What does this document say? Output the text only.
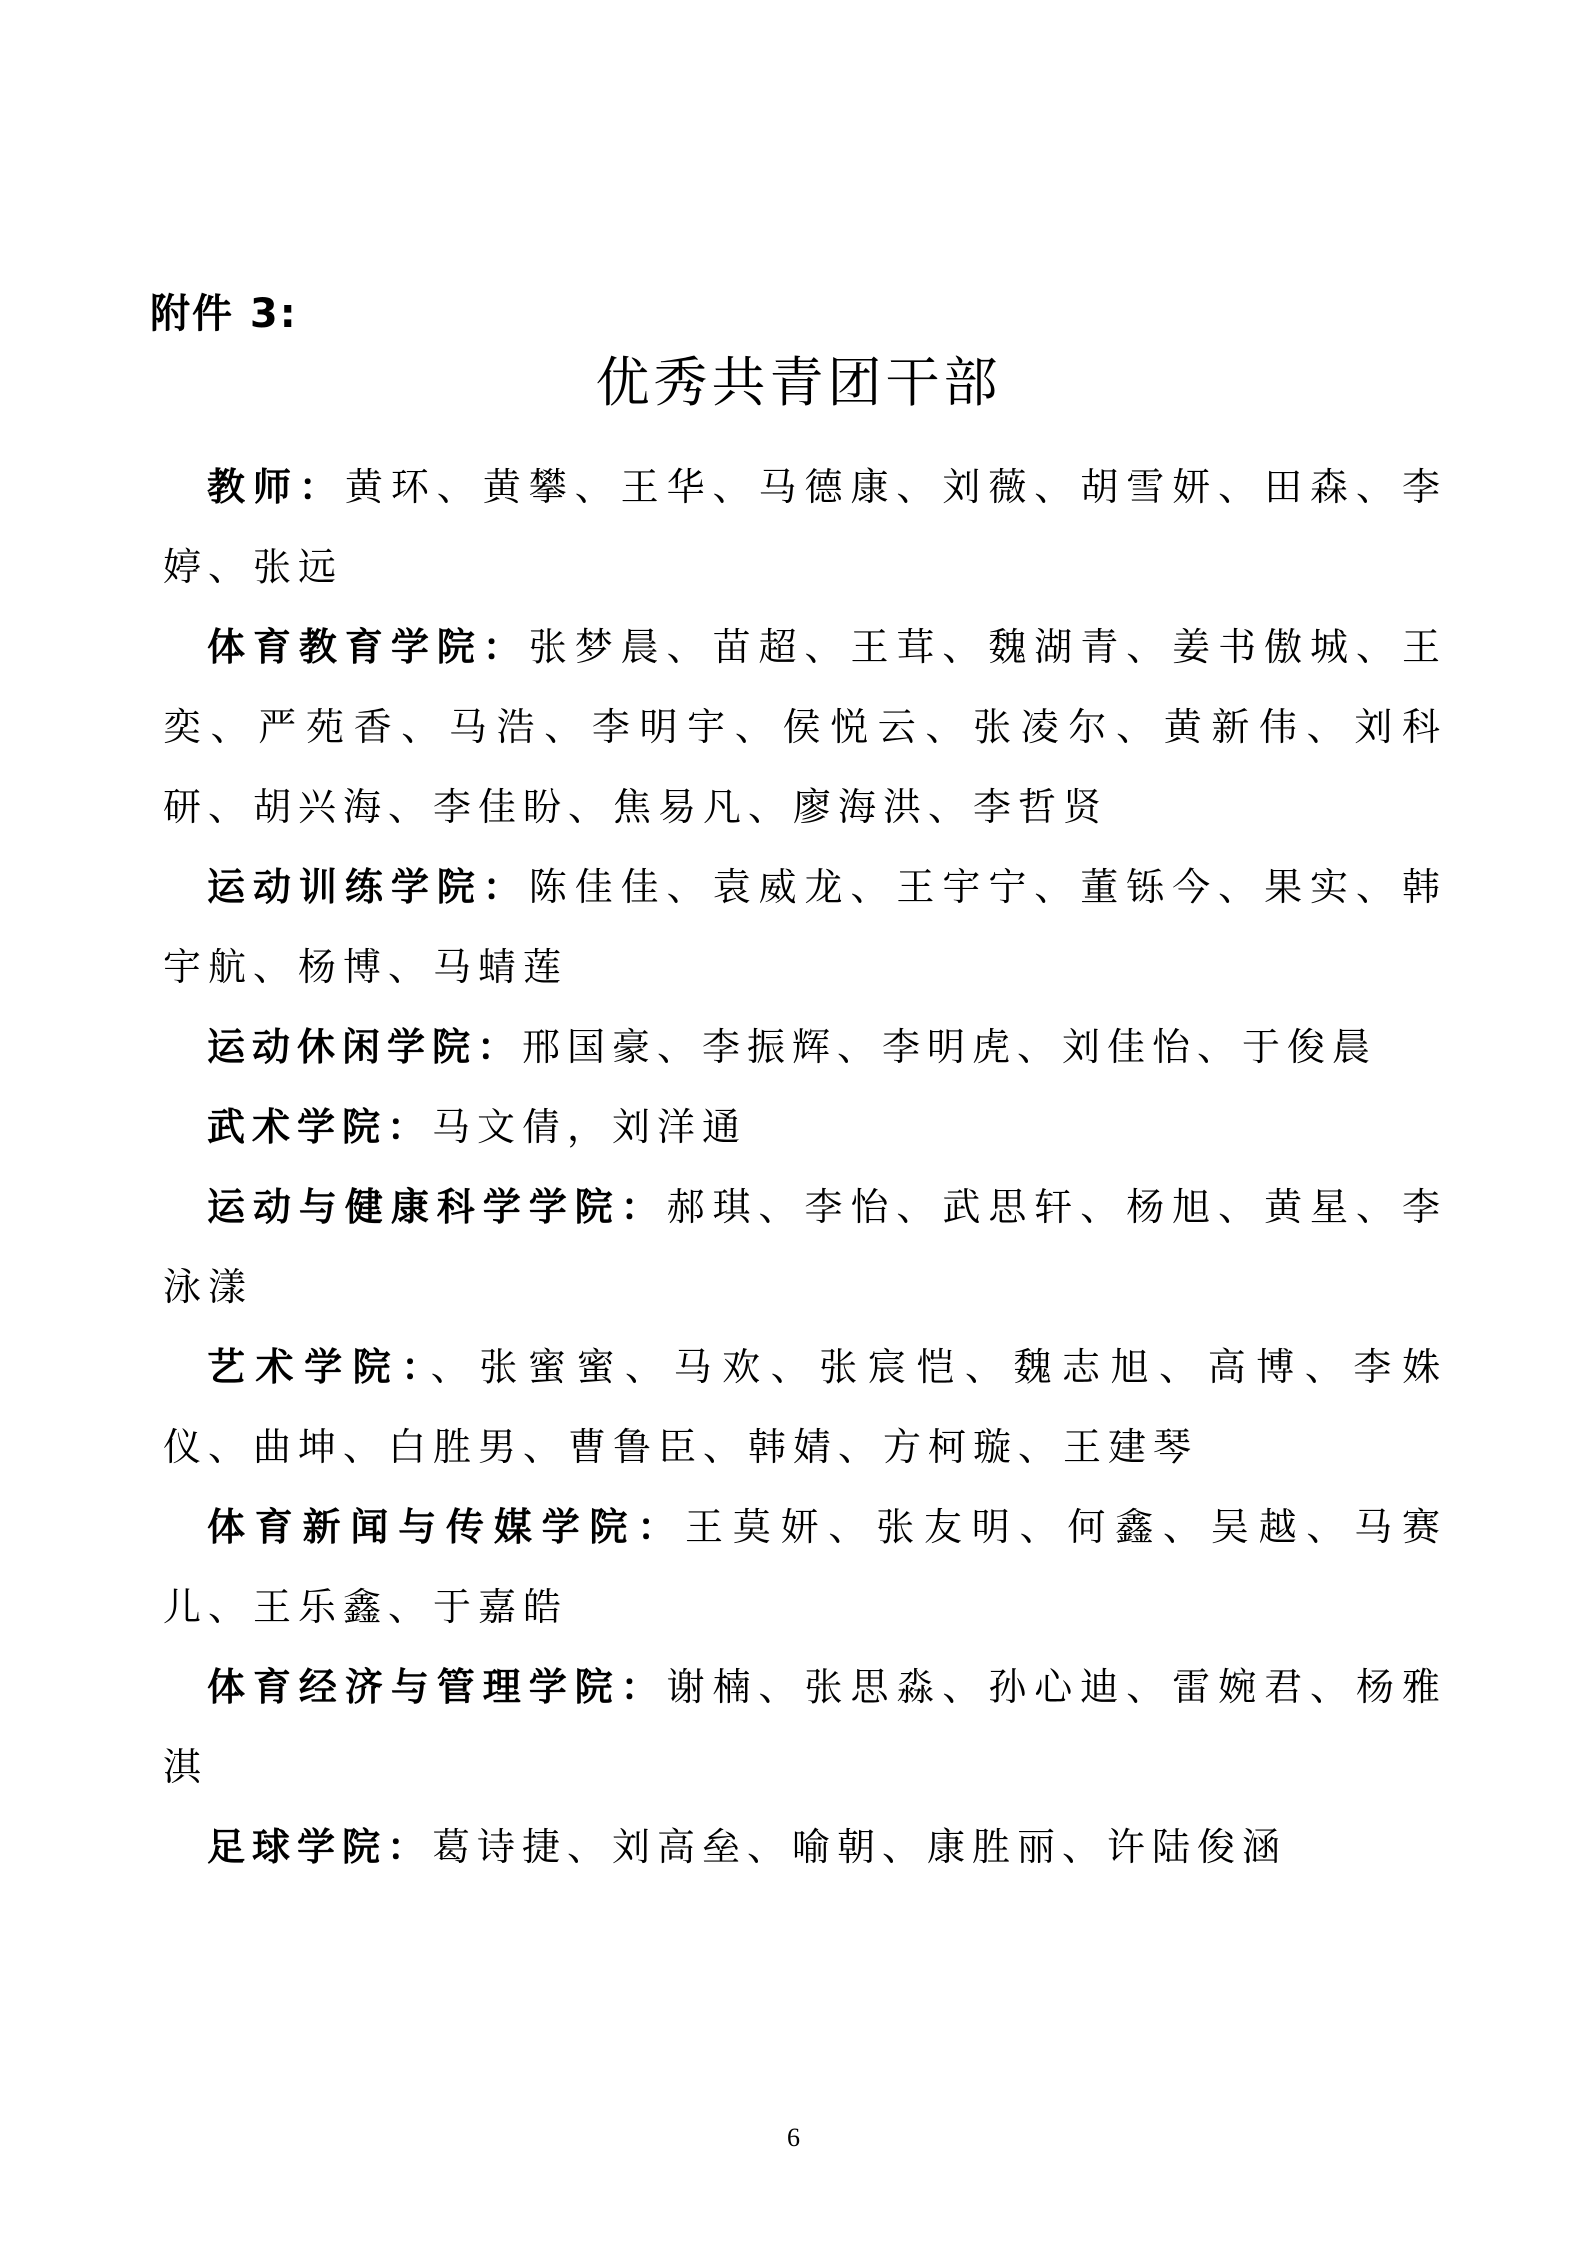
附件 3:
优秀共青团干部

教师：黄环、黄攀、王华、马德康、刘薇、胡雪妍、田森、李婷、张远

体育教育学院：张梦晨、苗超、王茸、魏湖青、姜书傲城、王奕、严苑香、马浩、李明宇、侯悦云、张凌尔、黄新伟、刘科研、胡兴海、李佳盼、焦易凡、廖海洪、李哲贤

运动训练学院：陈佳佳、袁威龙、王宇宁、董铄今、果实、韩宇航、杨博、马蜻莲

运动休闲学院：邢国豪、李振辉、李明虎、刘佳怡、于俊晨

武术学院：马文倩，刘洋通

运动与健康科学学院：郝琪、李怡、武思轩、杨旭、黄星、李泳漾

艺术学院：、张蜜蜜、马欢、张宸恺、魏志旭、高博、李姝仪、曲坤、白胜男、曹鲁臣、韩婧、方柯璇、王建琴

体育新闻与传媒学院：王莫妍、张友明、何鑫、吴越、马赛儿、王乐鑫、于嘉皓

体育经济与管理学院：谢楠、张思淼、孙心迪、雷婉君、杨雅淇

足球学院：葛诗捷、刘高垒、喻朝、康胜丽、许陆俊涵

6
